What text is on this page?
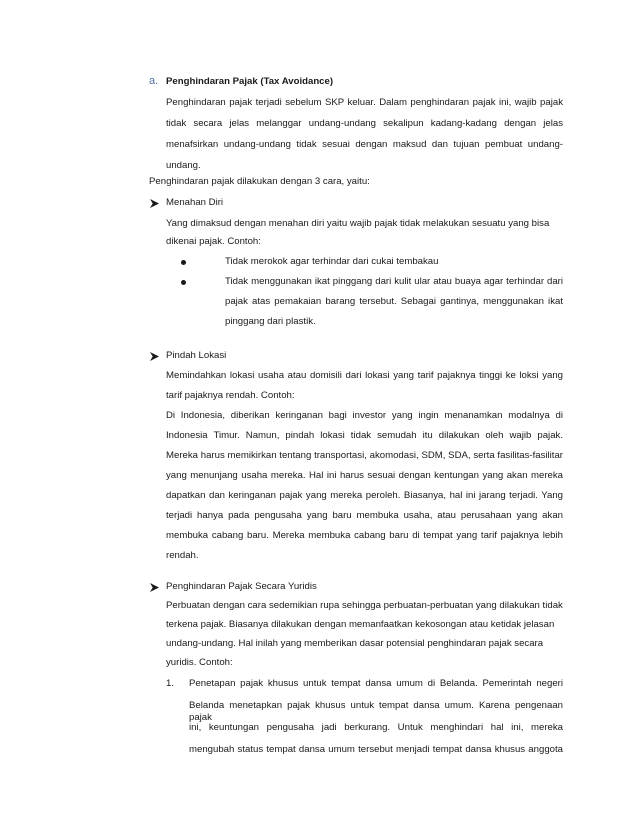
a. Penghindaran Pajak (Tax Avoidance)
Penghindaran pajak terjadi sebelum SKP keluar. Dalam penghindaran pajak ini, wajib pajak
tidak secara jelas melanggar undang-undang sekalipun kadang-kadang dengan jelas
menafsirkan undang-undang tidak sesuai dengan maksud dan tujuan pembuat undang-
undang.
Penghindaran pajak dilakukan dengan 3 cara, yaitu:
Menahan Diri
Yang dimaksud dengan menahan diri yaitu wajib pajak tidak melakukan sesuatu yang bisa
dikenai pajak. Contoh:
Tidak merokok agar terhindar dari cukai tembakau
Tidak menggunakan ikat pinggang dari kulit ular atau buaya agar terhindar dari
pajak atas pemakaian barang tersebut. Sebagai gantinya, menggunakan ikat
pinggang dari plastik.
Pindah Lokasi
Memindahkan lokasi usaha atau domisili dari lokasi yang tarif pajaknya tinggi ke loksi yang
tarif pajaknya rendah. Contoh:
Di Indonesia, diberikan keringanan bagi investor yang ingin menanamkan modalnya di
Indonesia Timur. Namun, pindah lokasi tidak semudah itu dilakukan oleh wajib pajak.
Mereka harus memikirkan tentang transportasi, akomodasi, SDM, SDA, serta fasilitas-fasilitar
yang menunjang usaha mereka. Hal ini harus sesuai dengan kentungan yang akan mereka
dapatkan dan keringanan pajak yang mereka peroleh. Biasanya, hal ini jarang terjadi. Yang
terjadi hanya pada pengusaha yang baru membuka usaha, atau perusahaan yang akan
membuka cabang baru. Mereka membuka cabang baru di tempat yang tarif pajaknya lebih
rendah.
Penghindaran Pajak Secara Yuridis
Perbuatan dengan cara sedemikian rupa sehingga perbuatan-perbuatan yang dilakukan tidak
terkena pajak. Biasanya dilakukan dengan memanfaatkan kekosongan atau ketidak jelasan
undang-undang. Hal inilah yang memberikan dasar potensial penghindaran pajak secara
yuridis. Contoh:
1. Penetapan pajak khusus untuk tempat dansa umum di Belanda. Pemerintah negeri
Belanda menetapkan pajak khusus untuk tempat dansa umum. Karena pengenaan pajak
ini, keuntungan pengusaha jadi berkurang. Untuk menghindari hal ini, mereka
mengubah status tempat dansa umum tersebut menjadi tempat dansa khusus anggota
